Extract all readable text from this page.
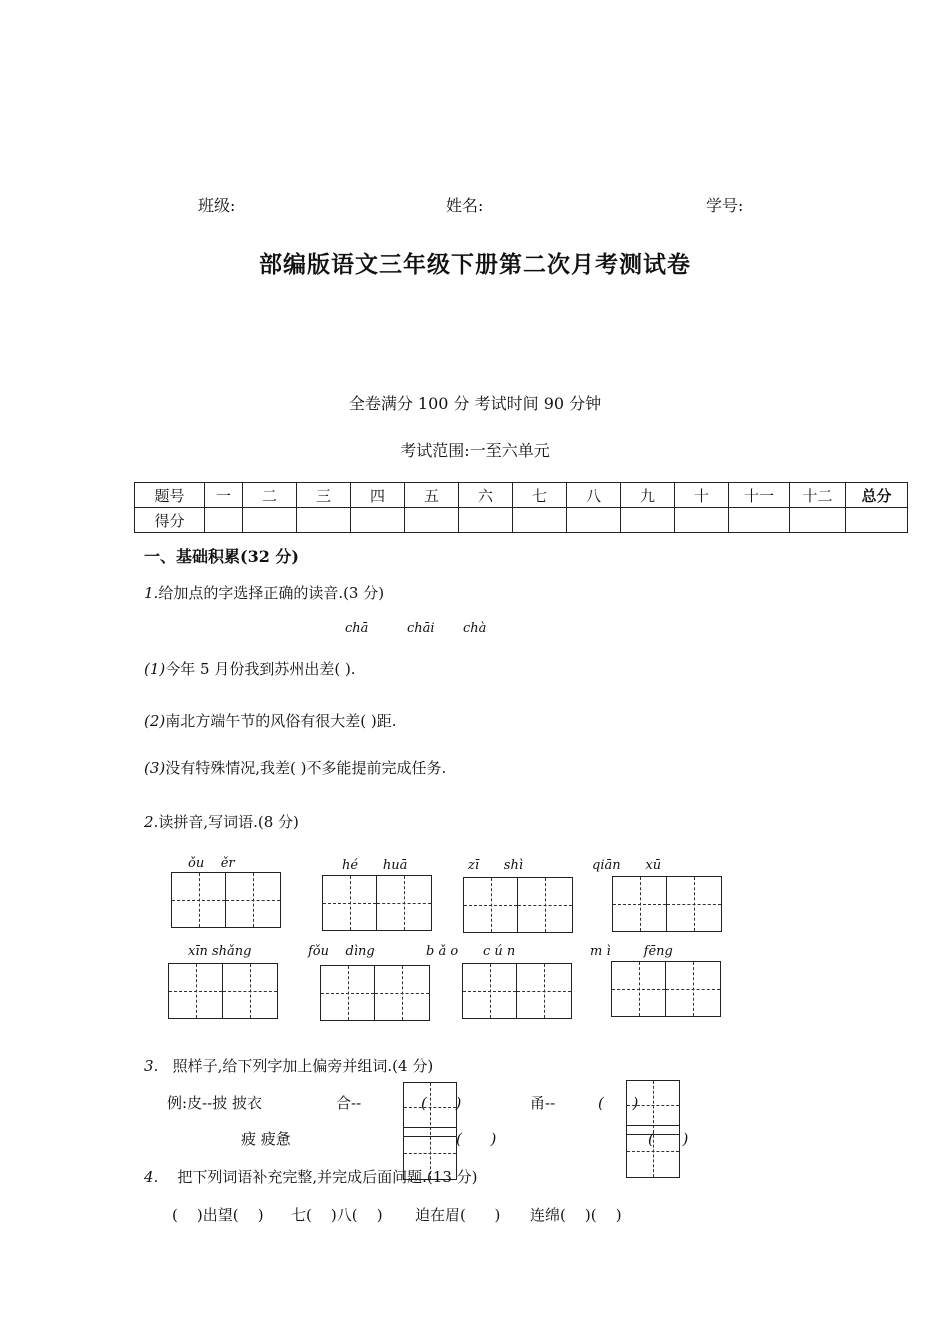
班级:	姓名:	学号:
部编版语文三年级下册第二次月考测试卷
全卷满分 100 分 考试时间 90 分钟
考试范围:一至六单元
题号	一	二	三	四	五	六	七	八	九	十	十一	十二	总分
得分													
一、基础积累(32 分)
1.给加点的字选择正确的读音.(3 分)
chā	chāi chà
(1)今年 5 月份我到苏州出差( ).
(2)南北方端午节的风俗有很大差( )距.
(3)没有特殊情况,我差( )不多能提前完成任务.
2.读拼音,写词语.(8 分)
ǒu    ěr	hé      huā	zī      shì	qiān      xū
xīn shǎng	fǒu    dìng	b ǎ o      c ú n	m ì        fēng
3. 照样子,给下列字加上偏旁并组词.(4 分)
例:皮--披 披衣	合--	(      )	甬--	(      )
疲 疲惫	(      )	(      )
4. 把下列词语补充完整,并完成后面问题.(13 分)
(    )出望(    ) 七(    )八(    ) 迫在眉(      ) 连绵(    )(    )
